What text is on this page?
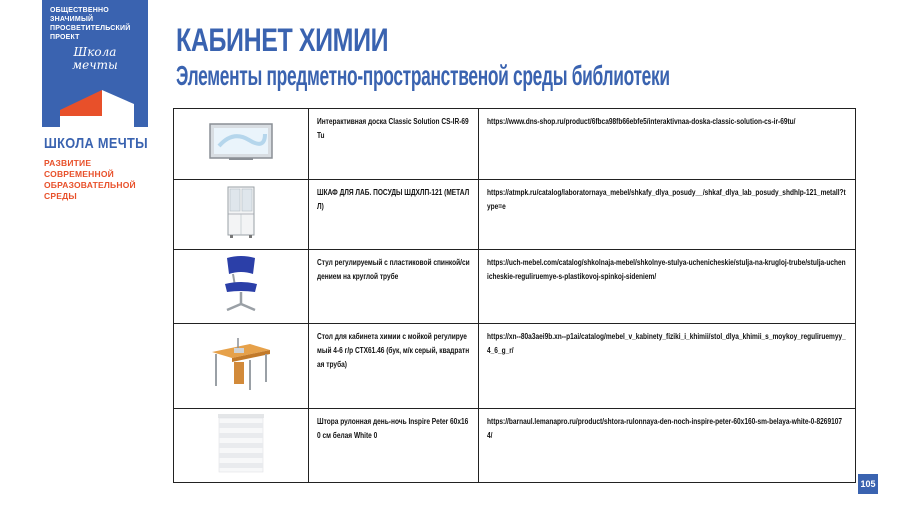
ОБЩЕСТВЕННО ЗНАЧИМЫЙ ПРОСВЕТИТЕЛЬСКИЙ ПРОЕКТ
Школа мечты
ШКОЛА МЕЧТЫ
РАЗВИТИЕ СОВРЕМЕННОЙ ОБРАЗОВАТЕЛЬНОЙ СРЕДЫ
КАБИНЕТ ХИМИИ
Элементы предметно-пространственой среды библиотеки

Интерактивная доска Classic Solution CS-IR-69Tu	https://www.dns-shop.ru/product/6fbca98fb66ebfe5/interaktivnaa-doska-classic-solution-cs-ir-69tu/

ШКАФ ДЛЯ ЛАБ. ПОСУДЫ ШДХЛП-121 (МЕТАЛЛ)	https://atmpk.ru/catalog/laboratornaya_mebel/shkafy_dlya_posudy__/shkaf_dlya_lab_posudy_shdhlp-121_metall?type=e

Стул регулируемый с пластиковой спинкой/сидением на круглой трубе	https://uch-mebel.com/catalog/shkolnaja-mebel/shkolnye-stulya-ucheniсheskie/stulja-na-krugloj-trube/stulja-ucheniсheskie-reguliruemye-s-plastikovoj-spinkoj-sideniem/

Стол для кабинета химии с мойкой регулируемый 4-6 г/р СТХ61.46 (бук, м/к серый, квадратная труба)	https://xn--80a3aei9b.xn--p1ai/catalog/mebel_v_kabinety_fiziki_i_khimii/stol_dlya_khimii_s_moykoy_reguliruemyy_4_6_g_r/

Штора рулонная день-ночь Inspire Peter 60х160 см белая White 0	https://barnaul.lemanapro.ru/product/shtora-rulonnaya-den-noch-inspire-peter-60x160-sm-belaya-white-0-82691074/
105
